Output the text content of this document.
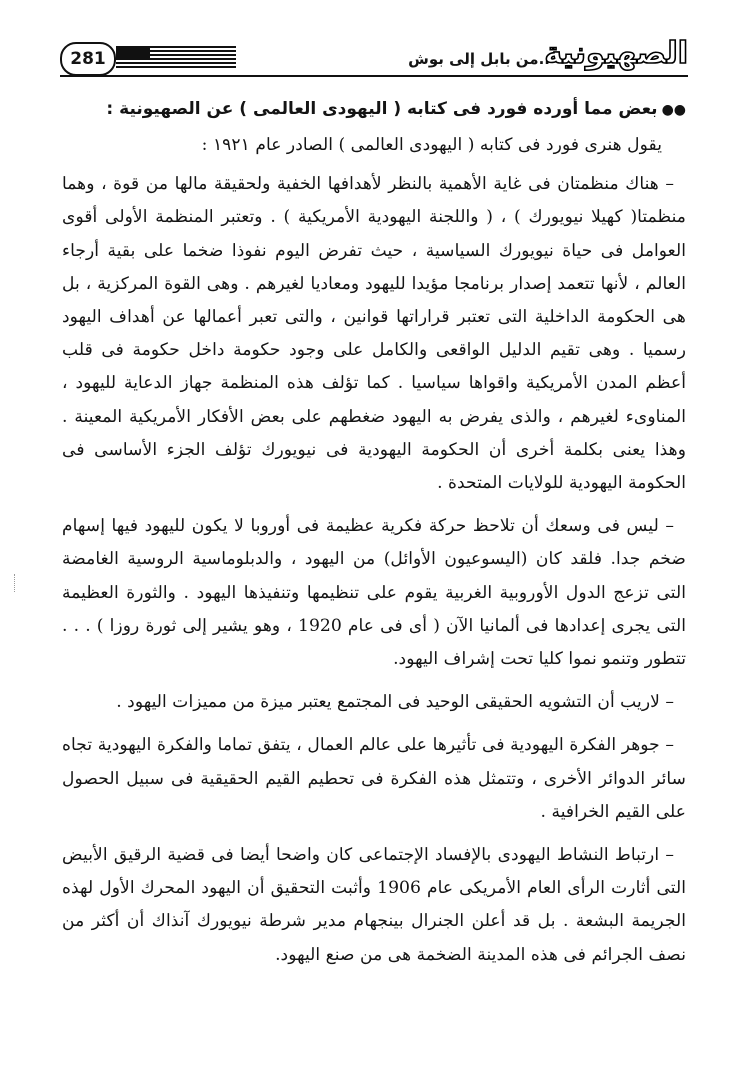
281	..من بابل إلى بوش
الصهيونية

●●بعض مما أورده فورد فى كتابه ( اليهودى العالمى ) عن الصهيونية :

يقول هنرى فورد فى كتابه ( اليهودى العالمى ) الصادر عام ١٩٢١ :

– هناك منظمتان فى غاية الأهمية بالنظر لأهدافها الخفية ولحقيقة مالها من قوة ، وهما منظمتا( كهيلا نيويورك ) ، ( واللجنة اليهودية الأمريكية ) . وتعتبر المنظمة الأولى أقوى العوامل فى حياة نيويورك السياسية ، حيث تفرض اليوم نفوذا ضخما على بقية أرجاء العالم ، لأنها تتعمد إصدار برنامجا مؤيدا لليهود ومعاديا لغيرهم . وهى القوة المركزية ، بل هى الحكومة الداخلية التى تعتبر قراراتها قوانين ، والتى تعبر أعمالها عن أهداف اليهود رسميا . وهى تقيم الدليل الواقعى والكامل على وجود حكومة داخل حكومة فى قلب أعظم المدن الأمريكية واقواها سياسيا . كما تؤلف هذه المنظمة جهاز الدعاية لليهود ، المناوىء لغيرهم ، والذى يفرض به اليهود ضغطهم على بعض الأفكار الأمريكية المعينة . وهذا يعنى بكلمة أخرى أن الحكومة اليهودية فى نيويورك تؤلف الجزء الأساسى فى الحكومة اليهودية للولايات المتحدة .

– ليس فى وسعك أن تلاحظ حركة فكرية عظيمة فى أوروبا لا يكون لليهود فيها إسهام ضخم جدا. فلقد كان (اليسوعيون الأوائل) من اليهود ، والدبلوماسية الروسية الغامضة التى تزعج الدول الأوروبية الغربية يقوم على تنظيمها وتنفيذها اليهود . والثورة العظيمة التى يجرى إعدادها فى ألمانيا الآن ( أى فى عام 1920 ، وهو يشير إلى ثورة روزا ) . . . تتطور وتنمو نموا كليا تحت إشراف اليهود.

– لاريب أن التشويه الحقيقى الوحيد فى المجتمع يعتبر ميزة من مميزات اليهود .

– جوهر الفكرة اليهودية فى تأثيرها على عالم العمال ، يتفق تماما والفكرة اليهودية تجاه سائر الدوائر الأخرى ، وتتمثل هذه الفكرة فى تحطيم القيم الحقيقية فى سبيل الحصول على القيم الخرافية .

– ارتباط النشاط اليهودى بالإفساد الإجتماعى كان واضحا أيضا فى قضية الرقيق الأبيض التى أثارت الرأى العام الأمريكى عام 1906 وأثبت التحقيق أن اليهود المحرك الأول لهذه الجريمة البشعة . بل قد أعلن الجنرال بينجهام مدير شرطة نيويورك آنذاك أن أكثر من نصف الجرائم فى هذه المدينة الضخمة هى من صنع اليهود.
